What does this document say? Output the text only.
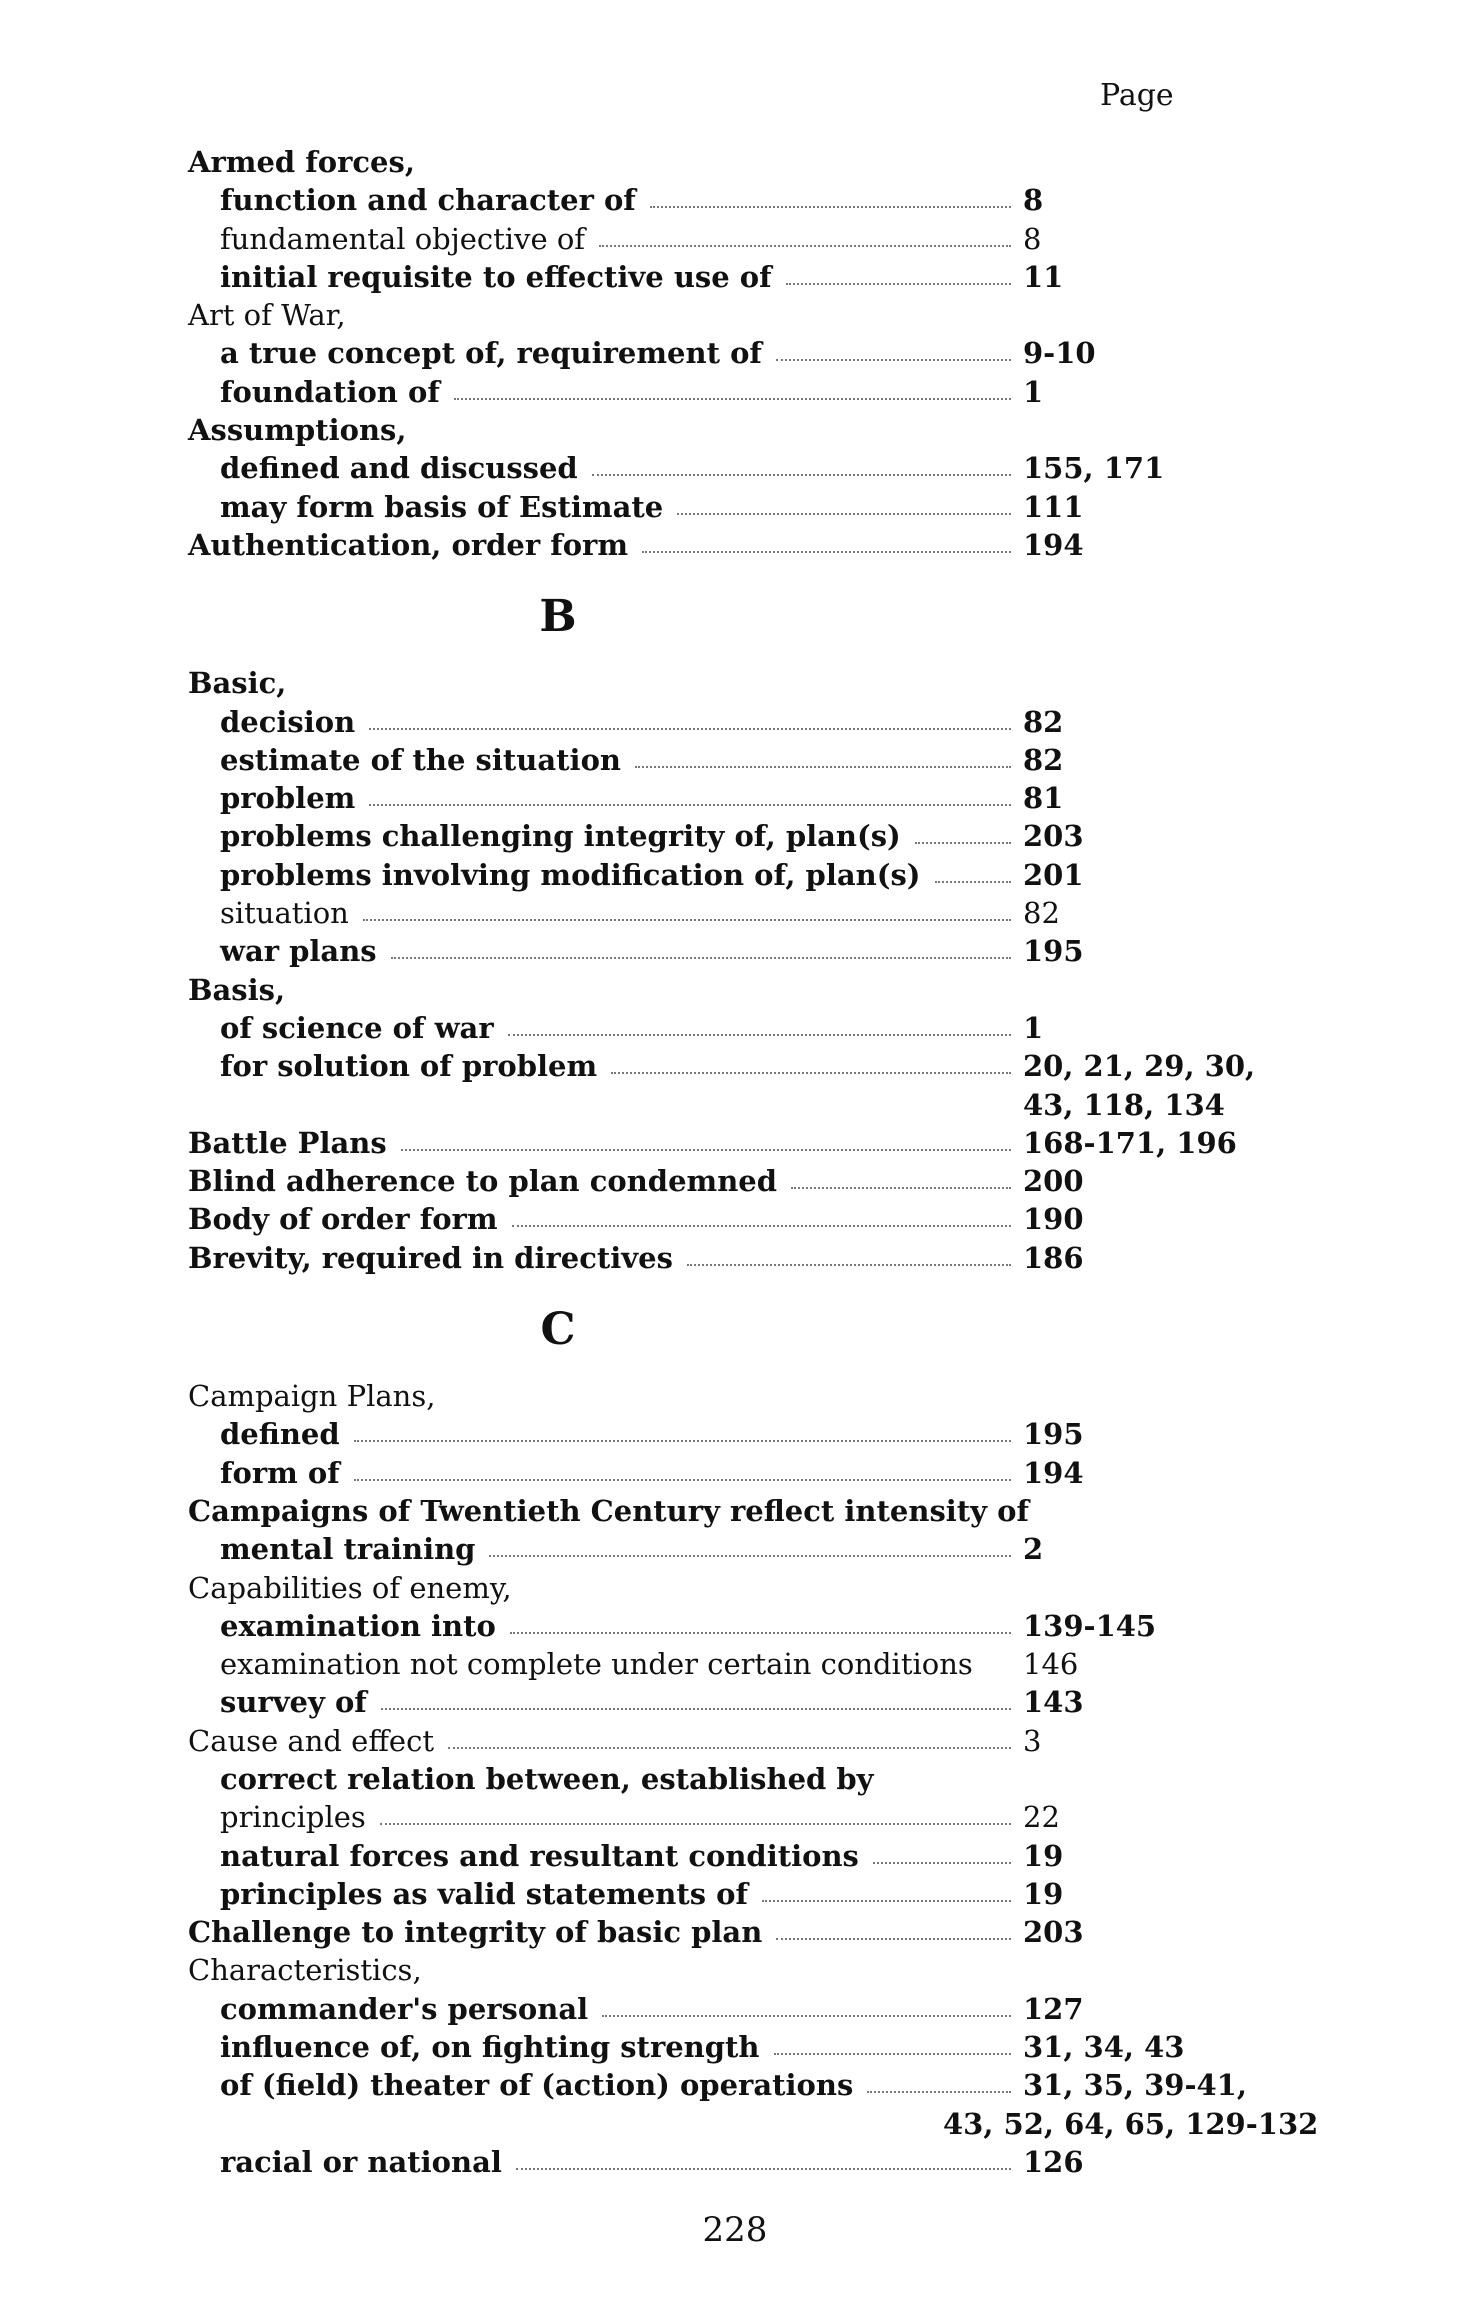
Page
Armed forces,
function and character of	8
fundamental objective of	8
initial requisite to effective use of	11
Art of War,
a true concept of, requirement of	9-10
foundation of	1
Assumptions,
defined and discussed	155, 171
may form basis of Estimate	111
Authentication, order form	194
B
Basic,
decision	82
estimate of the situation	82
problem	81
problems challenging integrity of, plan(s)	203
problems involving modification of, plan(s)	201
situation	82
war plans	195
Basis,
of science of war	1
for solution of problem	20, 21, 29, 30,
43, 118, 134
Battle Plans	168-171, 196
Blind adherence to plan condemned	200
Body of order form	190
Brevity, required in directives	186
C
Campaign Plans,
defined	195
form of	194
Campaigns of Twentieth Century reflect intensity of
mental training	2
Capabilities of enemy,
examination into	139-145
examination not complete under certain conditions 146
survey of	143
Cause and effect	3
correct relation between, established by
principles	22
natural forces and resultant conditions	19
principles as valid statements of	19
Challenge to integrity of basic plan	203
Characteristics,
commander's personal	127
influence of, on fighting strength	31, 34, 43
of (field) theater of (action) operations	31, 35, 39-41,
43, 52, 64, 65, 129-132
racial or national	126
228
